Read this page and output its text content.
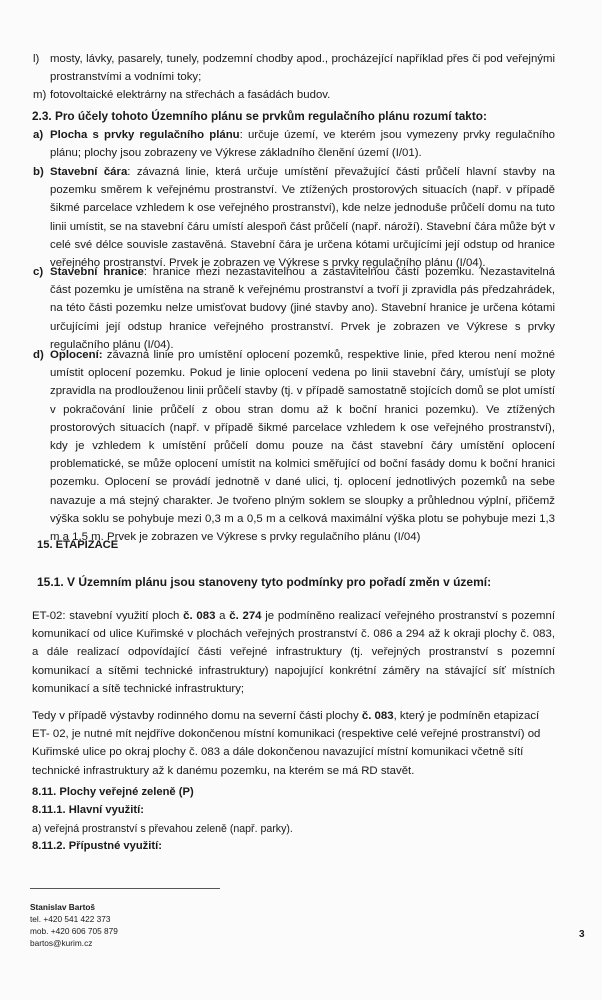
l) mosty, lávky, pasarely, tunely, podzemní chodby apod., procházející například přes či pod veřejnými prostranstvími a vodními toky;
m) fotovoltaické elektrárny na střechách a fasádách budov.
2.3. Pro účely tohoto Územního plánu se prvkům regulačního plánu rozumí takto:
a) Plocha s prvky regulačního plánu: určuje území, ve kterém jsou vymezeny prvky regulačního plánu; plochy jsou zobrazeny ve Výkrese základního členění území (I/01).
b) Stavební čára: závazná linie, která určuje umístění převažující části průčelí hlavní stavby na pozemku směrem k veřejnému prostranství. Ve ztížených prostorových situacích (např. v případě šikmé parcelace vzhledem k ose veřejného prostranství), kde nelze jednoduše průčelí domu na tuto linii umístit, se na stavební čáru umístí alespoň část průčelí (např. nároží). Stavební čára může být v celé své délce souvisle zastavěná. Stavební čára je určena kótami určujícími její odstup od hranice veřejného prostranství. Prvek je zobrazen ve Výkrese s prvky regulačního plánu (I/04).
c) Stavební hranice: hranice mezi nezastavitelnou a zastavitelnou částí pozemku. Nezastavitelná část pozemku je umístěna na straně k veřejnému prostranství a tvoří ji zpravidla pás předzahrádek, na této části pozemku nelze umisťovat budovy (jiné stavby ano). Stavební hranice je určena kótami určujícími její odstup hranice veřejného prostranství. Prvek je zobrazen ve Výkrese s prvky regulačního plánu (I/04).
d) Oplocení: závazná linie pro umístění oplocení pozemků, respektive linie, před kterou není možné umístit oplocení pozemku. Pokud je linie oplocení vedena po linii stavební čáry, umísťují se ploty zpravidla na prodlouženou linii průčelí stavby (tj. v případě samostatně stojících domů se plot umístí v pokračování linie průčelí z obou stran domu až k boční hranici pozemku). Ve ztížených prostorových situacích (např. v případě šikmé parcelace vzhledem k ose veřejného prostranství), kdy je vzhledem k umístění průčelí domu pouze na část stavební čáry umístění oplocení problematické, se může oplocení umístit na kolmici směřující od boční fasády domu k boční hranici pozemku. Oplocení se provádí jednotně v dané ulici, tj. oplocení jednotlivých pozemků na sebe navazuje a má stejný charakter. Je tvořeno plným soklem se sloupky a průhlednou výplní, přičemž výška soklu se pohybuje mezi 0,3 m a 0,5 m a celková maximální výška plotu se pohybuje mezi 1,3 m a 1,5 m. Prvek je zobrazen ve Výkrese s prvky regulačního plánu (I/04)
15. ETAPIZACE
15.1. V Územním plánu jsou stanoveny tyto podmínky pro pořadí změn v území:
ET-02: stavební využití ploch č. 083 a č. 274 je podmíněno realizací veřejného prostranství s pozemní komunikací od ulice Kuřimské v plochách veřejných prostranství č. 086 a 294 až k okraji plochy č. 083, a dále realizací odpovídající části veřejné infrastruktury (tj. veřejných prostranství s pozemní komunikací a sítěmi technické infrastruktury) napojující konkrétní záměry na stávající síť místních komunikací a sítě technické infrastruktury;
Tedy v případě výstavby rodinného domu na severní části plochy č. 083, který je podmíněn etapizací ET- 02, je nutné mít nejdříve dokončenou místní komunikaci (respektive celé veřejné prostranství) od Kuřimské ulice po okraj plochy č. 083 a dále dokončenou navazující místní komunikaci včetně sítí technické infrastruktury až k danému pozemku, na kterém se má RD stavět.
8.11. Plochy veřejné zeleně (P)
8.11.1. Hlavní využití:
a) veřejná prostranství s převahou zeleně (např. parky).
8.11.2. Přípustné využití:
Stanislav Bartoš
tel. +420 541 422 373
mob. +420 606 705 879
bartos@kurim.cz
3
